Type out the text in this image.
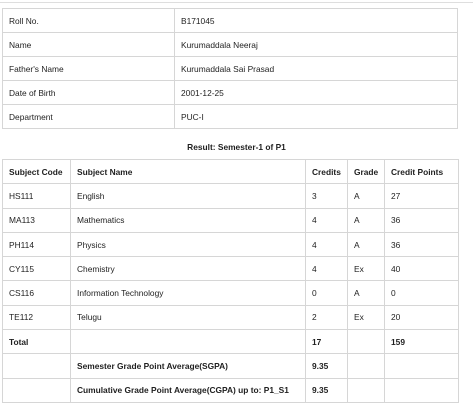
Roll No.	B171045
Name	Kurumaddala Neeraj
Father's Name	Kurumaddala Sai Prasad
Date of Birth	2001-12-25
Department	PUC-I
Result: Semester-1 of P1
Subject Code	Subject Name	Credits	Grade	Credit Points
HS111	English	3	A	27
MA113	Mathematics	4	A	36
PH114	Physics	4	A	36
CY115	Chemistry	4	Ex	40
CS116	Information Technology	0	A	0
TE112	Telugu	2	Ex	20
Total		17		159
	Semester Grade Point Average(SGPA)	9.35		
	Cumulative Grade Point Average(CGPA) up to: P1_S1	9.35		
